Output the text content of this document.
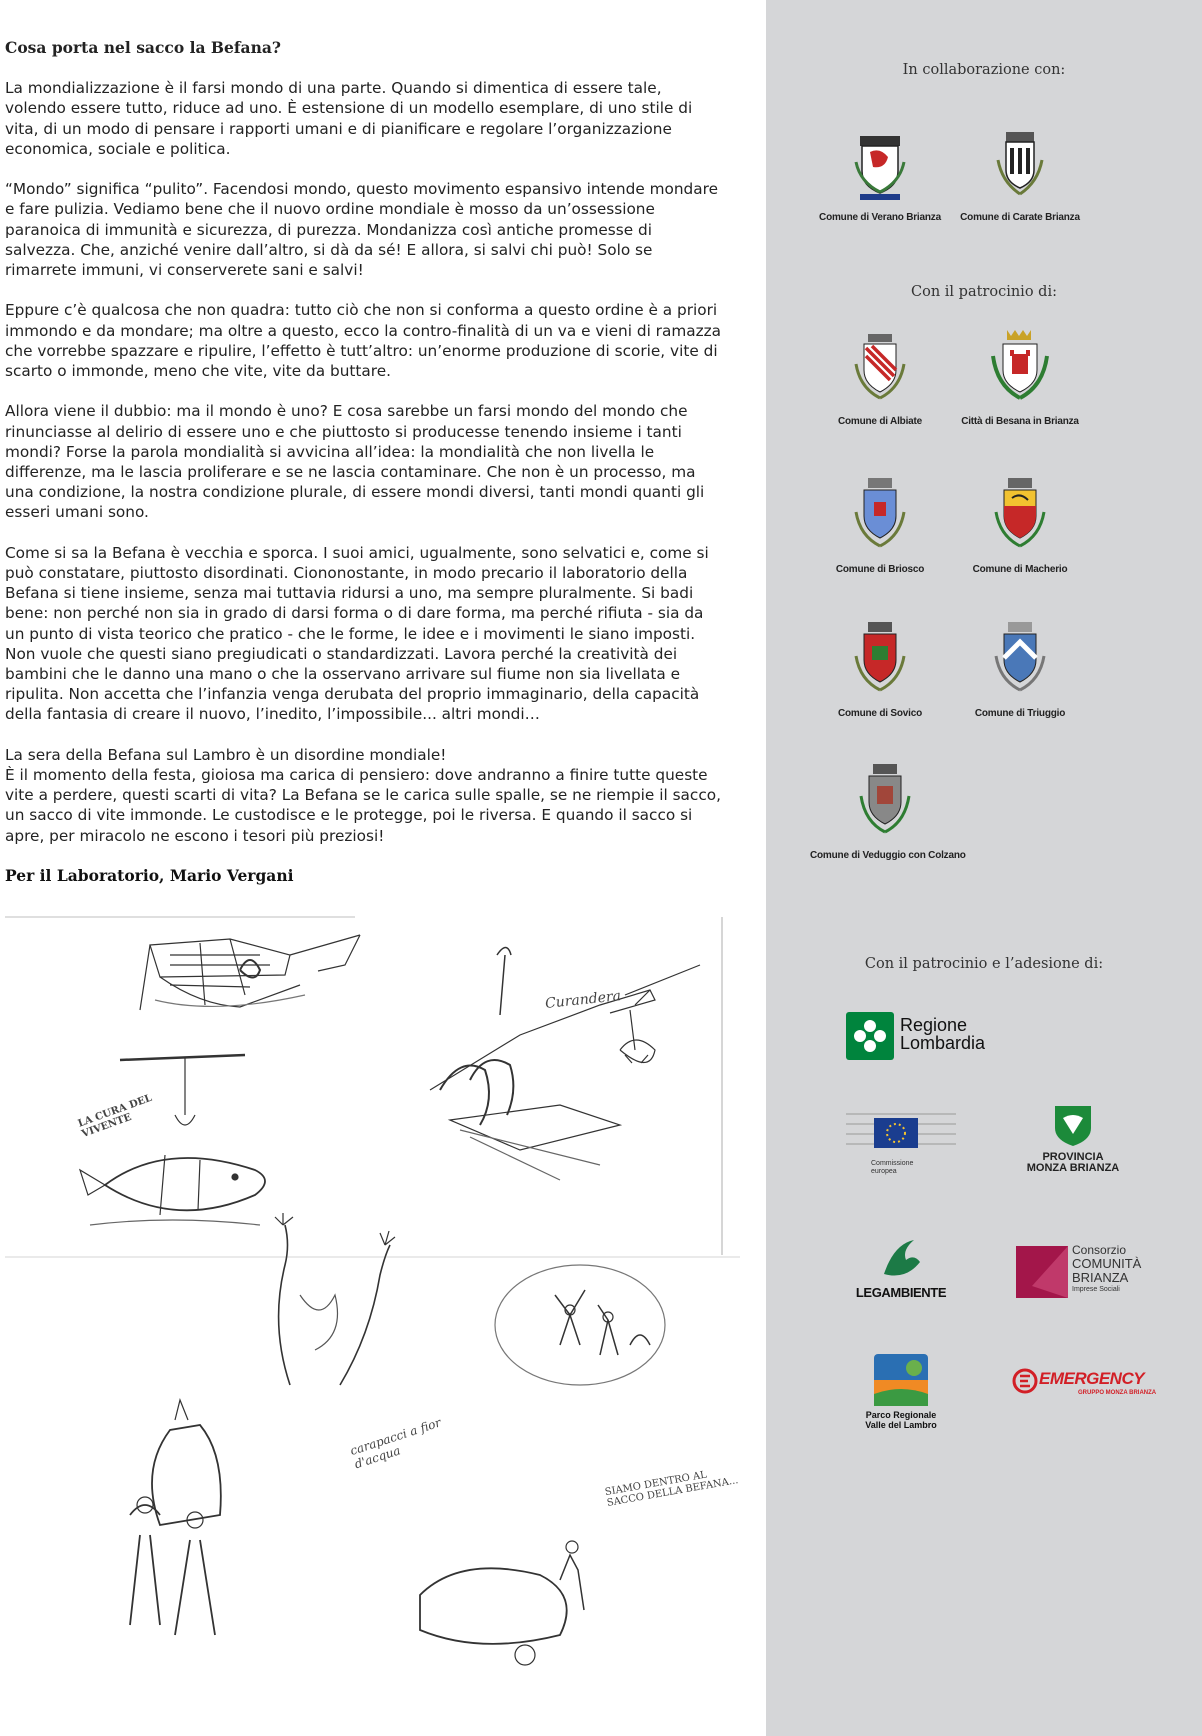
Cosa porta nel sacco la Befana?

La mondializzazione è il farsi mondo di una parte. Quando si dimentica di essere tale, volendo essere tutto, riduce ad uno. È estensione di un modello esemplare, di uno stile di vita, di un modo di pensare i rapporti umani e di pianificare e regolare l’organizzazione economica, sociale e politica.

“Mondo” significa “pulito”. Facendosi mondo, questo movimento espansivo intende mondare e fare pulizia. Vediamo bene che il nuovo ordine mondiale è mosso da un’ossessione paranoica di immunità e sicurezza, di purezza. Mondanizza così antiche promesse di salvezza. Che, anziché venire dall’altro, si dà da sé! E allora, si salvi chi può! Solo se rimarrete immuni, vi conserverete sani e salvi!

Eppure c’è qualcosa che non quadra: tutto ciò che non si conforma a questo ordine è a priori immondo e da mondare; ma oltre a questo, ecco la contro-finalità di un va e vieni di ramazza che vorrebbe spazzare e ripulire, l’effetto è tutt’altro: un’enorme produzione di scorie, vite di scarto o immonde, meno che vite, vite da buttare.

Allora viene il dubbio: ma il mondo è uno? E cosa sarebbe un farsi mondo del mondo che rinunciasse al delirio di essere uno e che piuttosto si producesse tenendo insieme i tanti mondi? Forse la parola mondialità si avvicina all’idea: la mondialità che non livella le differenze, ma le lascia proliferare e se ne lascia contaminare. Che non è un processo, ma una condizione, la nostra condizione plurale, di essere mondi diversi, tanti mondi quanti gli esseri umani sono.

Come si sa la Befana è vecchia e sporca. I suoi amici, ugualmente, sono selvatici e, come si può constatare, piuttosto disordinati. Ciononostante, in modo precario il laboratorio della Befana si tiene insieme, senza mai tuttavia ridursi a uno, ma sempre pluralmente. Si badi bene: non perché non sia in grado di darsi forma o di dare forma, ma perché rifiuta - sia da un punto di vista teorico che pratico - che le forme, le idee e i movimenti le siano imposti. Non vuole che questi siano pregiudicati o standardizzati. Lavora perché la creatività dei bambini che le danno una mano o che la osservano arrivare sul fiume non sia livellata e ripulita. Non accetta che l’infanzia venga derubata del proprio immaginario, della capacità della fantasia di creare il nuovo, l’inedito, l’impossibile... altri mondi…

La sera della Befana sul Lambro è un disordine mondiale!
È il momento della festa, gioiosa ma carica di pensiero: dove andranno a finire tutte queste vite a perdere, questi scarti di vita? La Befana se le carica sulle spalle, se ne riempie il sacco, un sacco di vite immonde. Le custodisce e le protegge, poi le riversa. E quando il sacco si apre, per miracolo ne escono i tesori più preziosi!

Per il Laboratorio, Mario Vergani
Curandera
LA CURA DEL VIVENTE
carapacci a fior d'acqua
SIAMO DENTRO AL SACCO DELLA BEFANA...
In collaborazione con:
Comune di Verano Brianza	Comune di Carate Brianza
Con il patrocinio di:
Comune di Albiate	Città di Besana in Brianza
Comune di Briosco	Comune di Macherio
Comune di Sovico	Comune di Triuggio
Comune di Veduggio con Colzano
Con il patrocinio e l’adesione di:
Regione
Lombardia
Commissione
europea
PROVINCIA
MONZA BRIANZA
LEGAMBIENTE
Consorzio
COMUNITÀ
BRIANZA
Imprese Sociali
Parco Regionale
Valle del Lambro
EMERGENCY
GRUPPO MONZA BRIANZA
